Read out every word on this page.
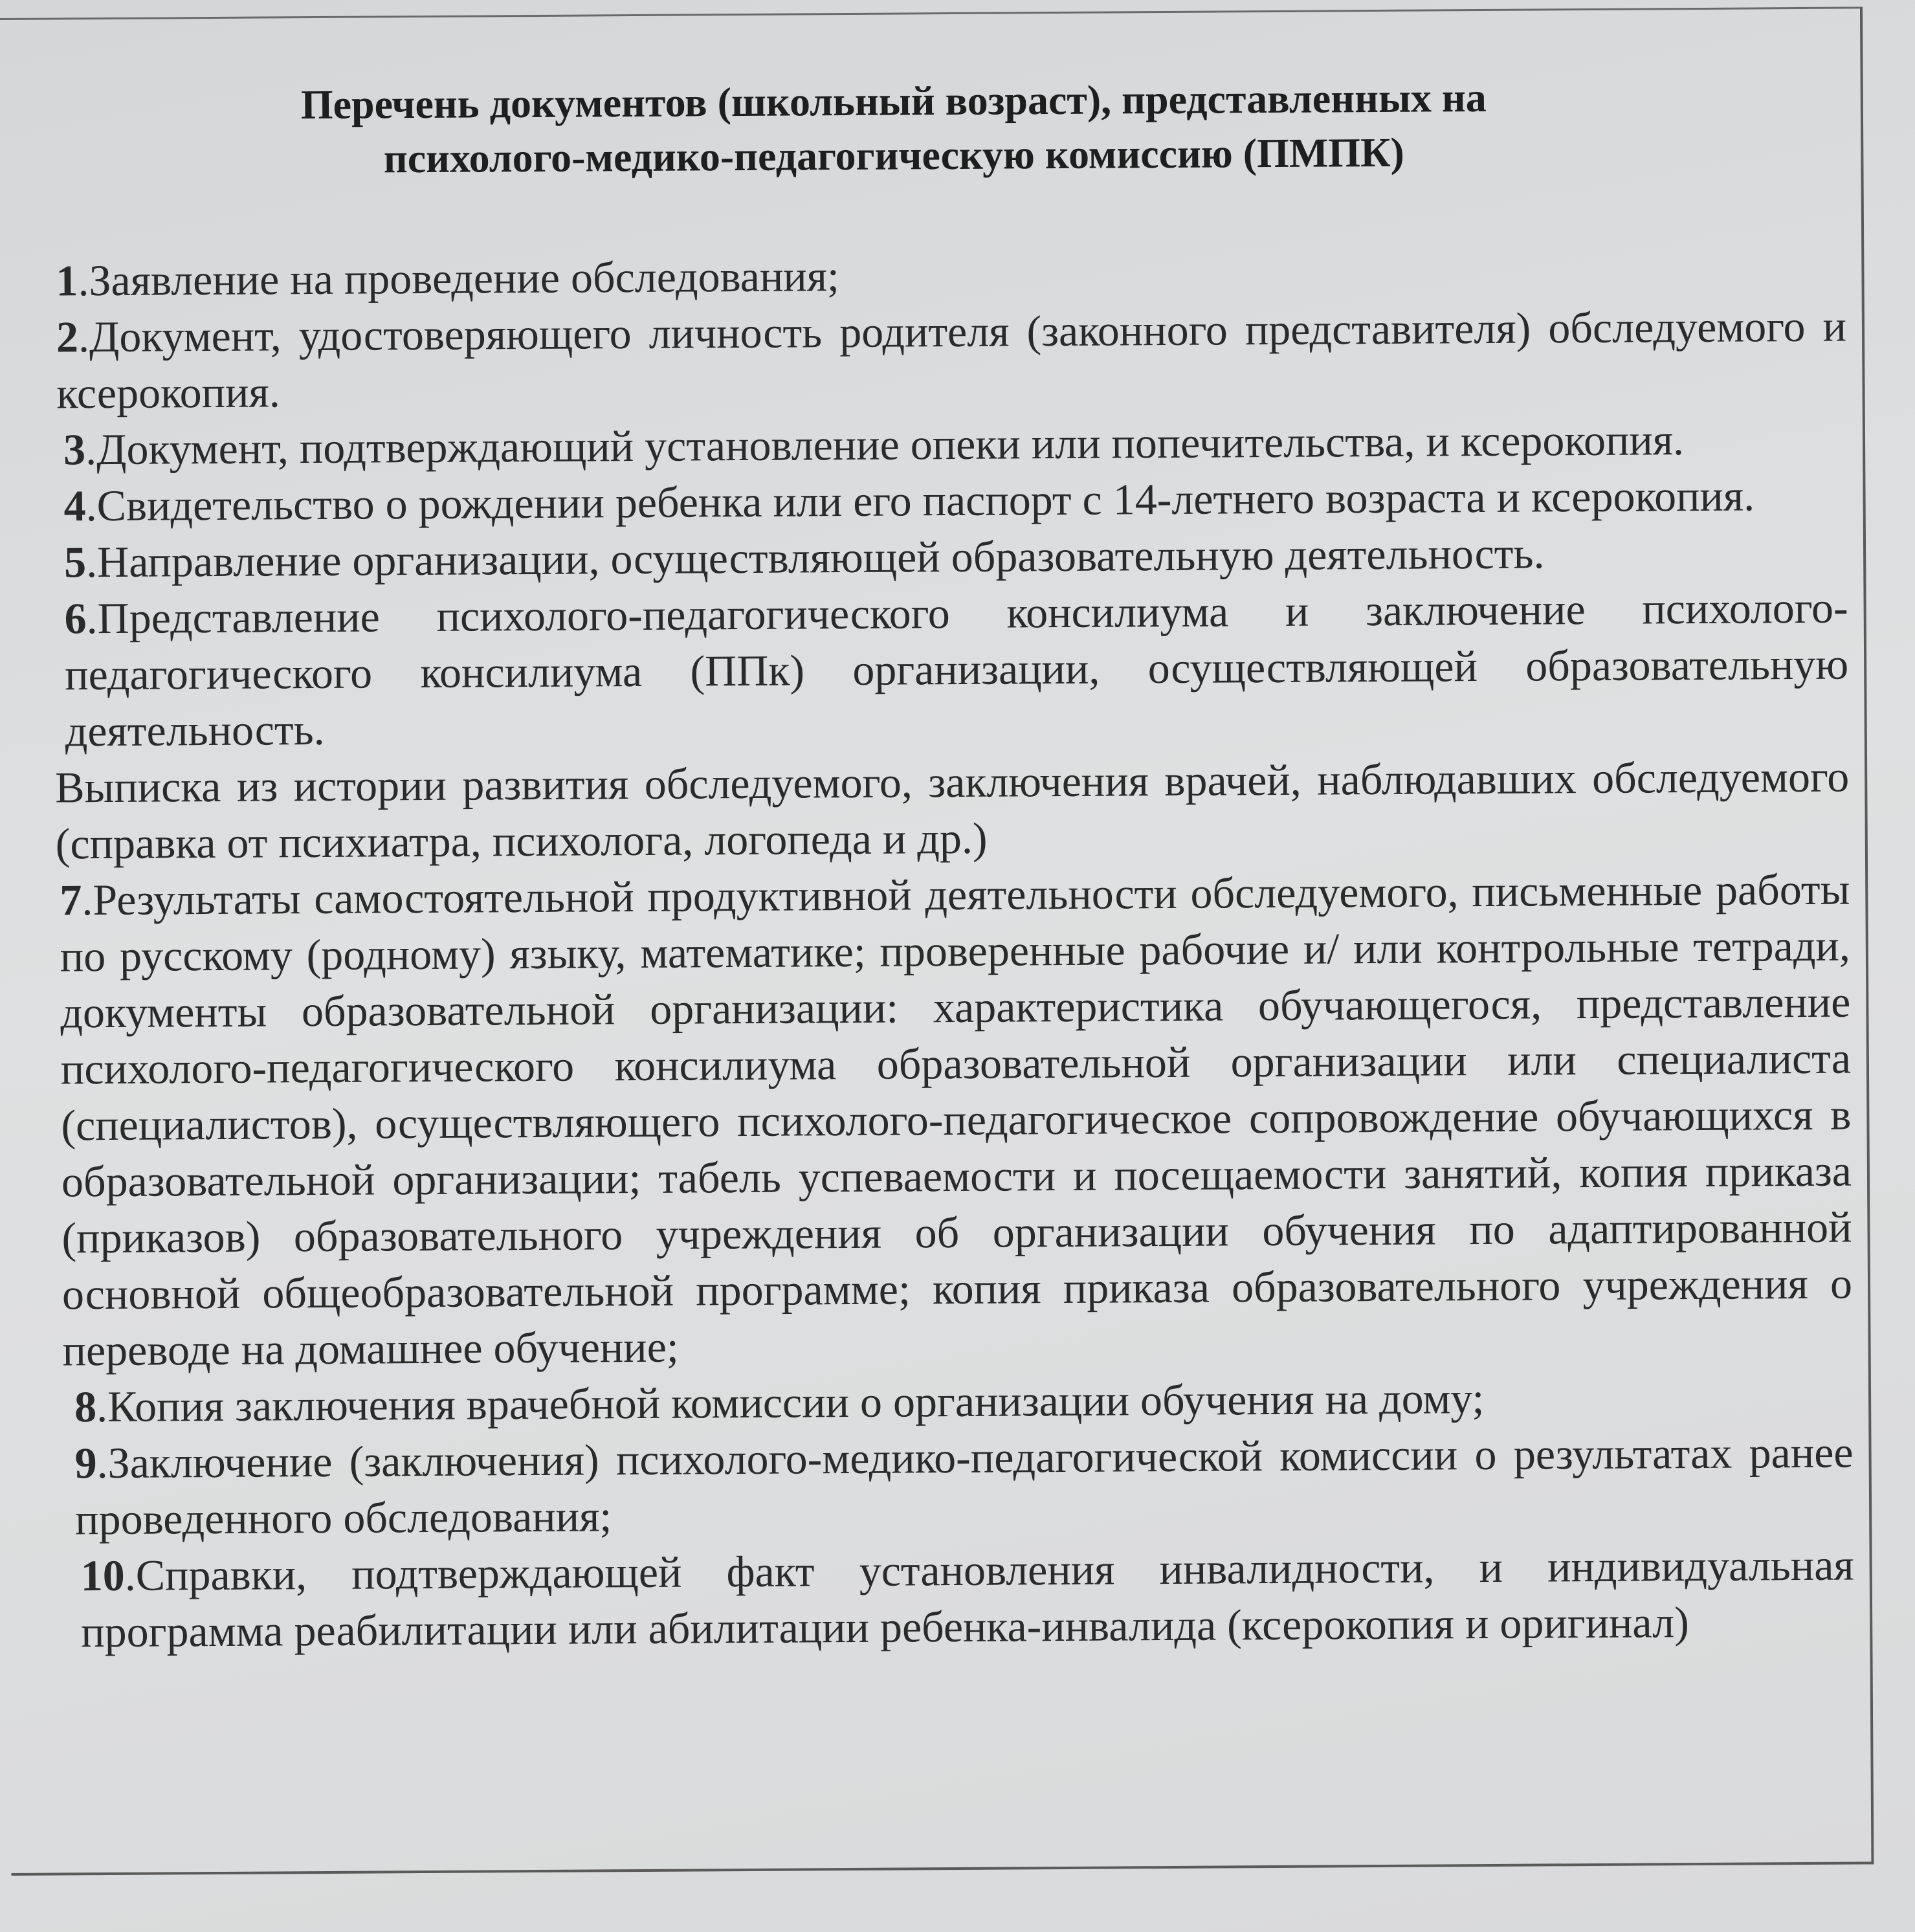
Перечень документов (школьный возраст), представленных на
психолого-медико-педагогическую комиссию (ПМПК)

1.Заявление на проведение обследования;

2.Документ, удостоверяющего личность родителя (законного представителя) обследуемого и ксерокопия.

3.Документ, подтверждающий установление опеки или попечительства, и ксерокопия.

4.Свидетельство о рождении ребенка или его паспорт с 14-летнего возраста и ксерокопия.

5.Направление организации, осуществляющей образовательную деятельность.

6.Представление психолого-педагогического консилиума и заключение психолого-педагогического консилиума (ППк) организации, осуществляющей образовательную деятельность.

Выписка из истории развития обследуемого, заключения врачей, наблюдавших обследуемого (справка от психиатра, психолога, логопеда и др.)

7.Результаты самостоятельной продуктивной деятельности обследуемого, письменные работы по русскому (родному) языку, математике; проверенные рабочие и/ или контрольные тетради, документы образовательной организации: характеристика обучающегося, представление психолого-педагогического консилиума образовательной организации или специалиста (специалистов), осуществляющего психолого-педагогическое сопровождение обучающихся в образовательной организации; табель успеваемости и посещаемости занятий, копия приказа (приказов) образовательного учреждения об организации обучения по адаптированной основной общеобразовательной программе; копия приказа образовательного учреждения о переводе на домашнее обучение;

8.Копия заключения врачебной комиссии о организации обучения на дому;

9.Заключение (заключения) психолого-медико-педагогической комиссии о результатах ранее проведенного обследования;

10.Справки, подтверждающей факт установления инвалидности, и индивидуальная программа реабилитации или абилитации ребенка-инвалида (ксерокопия и оригинал)
